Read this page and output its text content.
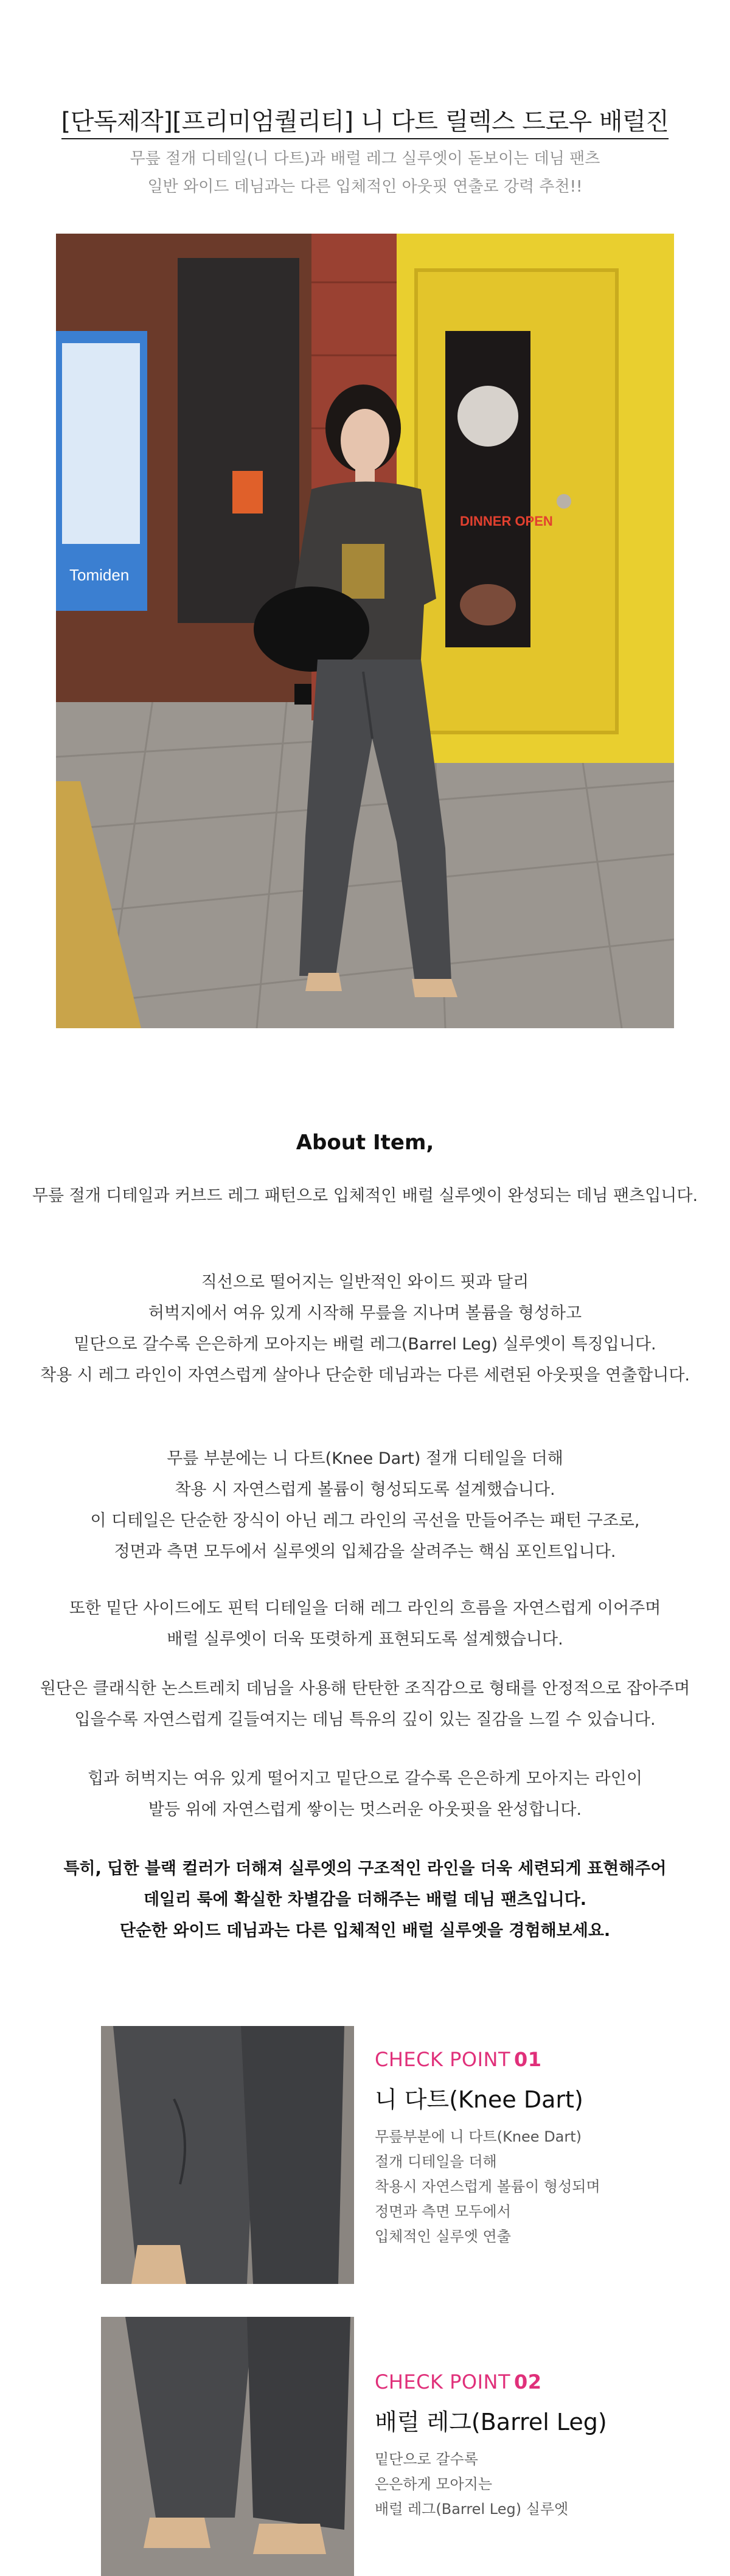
[단독제작][프리미엄퀄리티] 니 다트 릴렉스 드로우 배럴진
무릎 절개 디테일(니 다트)과 배럴 레그 실루엣이 돋보이는 데님 팬츠
일반 와이드 데님과는 다른 입체적인 아웃핏 연출로 강력 추천!!
Tomiden
DINNER OPEN
About Item,

무릎 절개 디테일과 커브드 레그 패턴으로 입체적인 배럴 실루엣이 완성되는 데님 팬츠입니다.

직선으로 떨어지는 일반적인 와이드 핏과 달리

허벅지에서 여유 있게 시작해 무릎을 지나며 볼륨을 형성하고

밑단으로 갈수록 은은하게 모아지는 배럴 레그(Barrel Leg) 실루엣이 특징입니다.

착용 시 레그 라인이 자연스럽게 살아나 단순한 데님과는 다른 세련된 아웃핏을 연출합니다.

무릎 부분에는 니 다트(Knee Dart) 절개 디테일을 더해

착용 시 자연스럽게 볼륨이 형성되도록 설계했습니다.

이 디테일은 단순한 장식이 아닌 레그 라인의 곡선을 만들어주는 패턴 구조로,

정면과 측면 모두에서 실루엣의 입체감을 살려주는 핵심 포인트입니다.

또한 밑단 사이드에도 핀턱 디테일을 더해 레그 라인의 흐름을 자연스럽게 이어주며

배럴 실루엣이 더욱 또렷하게 표현되도록 설계했습니다.

원단은 클래식한 논스트레치 데님을 사용해 탄탄한 조직감으로 형태를 안정적으로 잡아주며

입을수록 자연스럽게 길들여지는 데님 특유의 깊이 있는 질감을 느낄 수 있습니다.

힙과 허벅지는 여유 있게 떨어지고 밑단으로 갈수록 은은하게 모아지는 라인이

발등 위에 자연스럽게 쌓이는 멋스러운 아웃핏을 완성합니다.

특히, 딥한 블랙 컬러가 더해져 실루엣의 구조적인 라인을 더욱 세련되게 표현해주어

데일리 룩에 확실한 차별감을 더해주는 배럴 데님 팬츠입니다.

단순한 와이드 데님과는 다른 입체적인 배럴 실루엣을 경험해보세요.

CHECK POINT 01
니 다트(Knee Dart)

무릎부분에 니 다트(Knee Dart)

절개 디테일을 더해

착용시 자연스럽게 볼륨이 형성되며

정면과 측면 모두에서

입체적인 실루엣 연출

CHECK POINT 02
배럴 레그(Barrel Leg)

밑단으로 갈수록

은은하게 모아지는

배럴 레그(Barrel Leg) 실루엣
